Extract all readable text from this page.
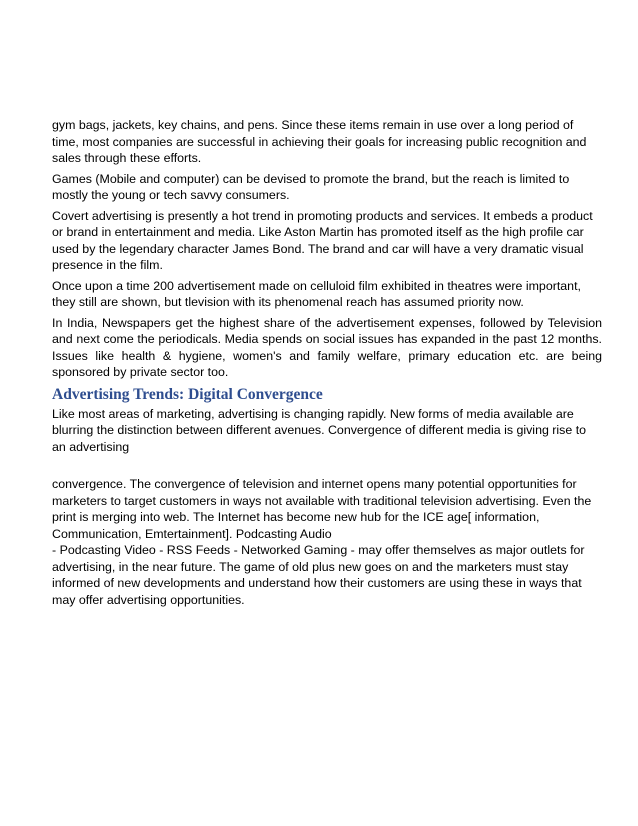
gym bags, jackets, key chains, and pens. Since these items remain in use over a long period of time, most companies are successful in achieving their goals for increasing public recognition and sales through these efforts.

Games (Mobile and computer) can be devised to promote the brand, but the reach is limited to mostly the young or tech savvy consumers.

Covert advertising is presently a hot trend in promoting products and services. It embeds a product or brand in entertainment and media. Like Aston Martin has promoted itself as the high profile car used by the legendary character James Bond. The brand and car will have a very dramatic visual presence in the film.

Once upon a time 200 advertisement made on celluloid film exhibited in theatres were important, they still are shown, but tlevision with its phenomenal reach has assumed priority now.

In India, Newspapers get the highest share of the advertisement expenses, followed by Television and next come the periodicals. Media spends on social issues has expanded in the past 12 months. Issues like health & hygiene, women's and family welfare, primary education etc. are being sponsored by private sector too.

Advertising Trends: Digital Convergence

Like most areas of marketing, advertising is changing rapidly. New forms of media available are blurring the distinction between different avenues. Convergence of different media is giving rise to an advertising

convergence. The convergence of television and internet opens many potential opportunities for marketers to target customers in ways not available with traditional television advertising. Even the print is merging into web. The Internet has become new hub for the ICE age[ information, Communication, Emtertainment]. Podcasting Audio

- Podcasting Video - RSS Feeds - Networked Gaming - may offer themselves as major outlets for advertising, in the near future. The game of old plus new goes on and the marketers must stay informed of new developments and understand how their customers are using these in ways that may offer advertising opportunities.
